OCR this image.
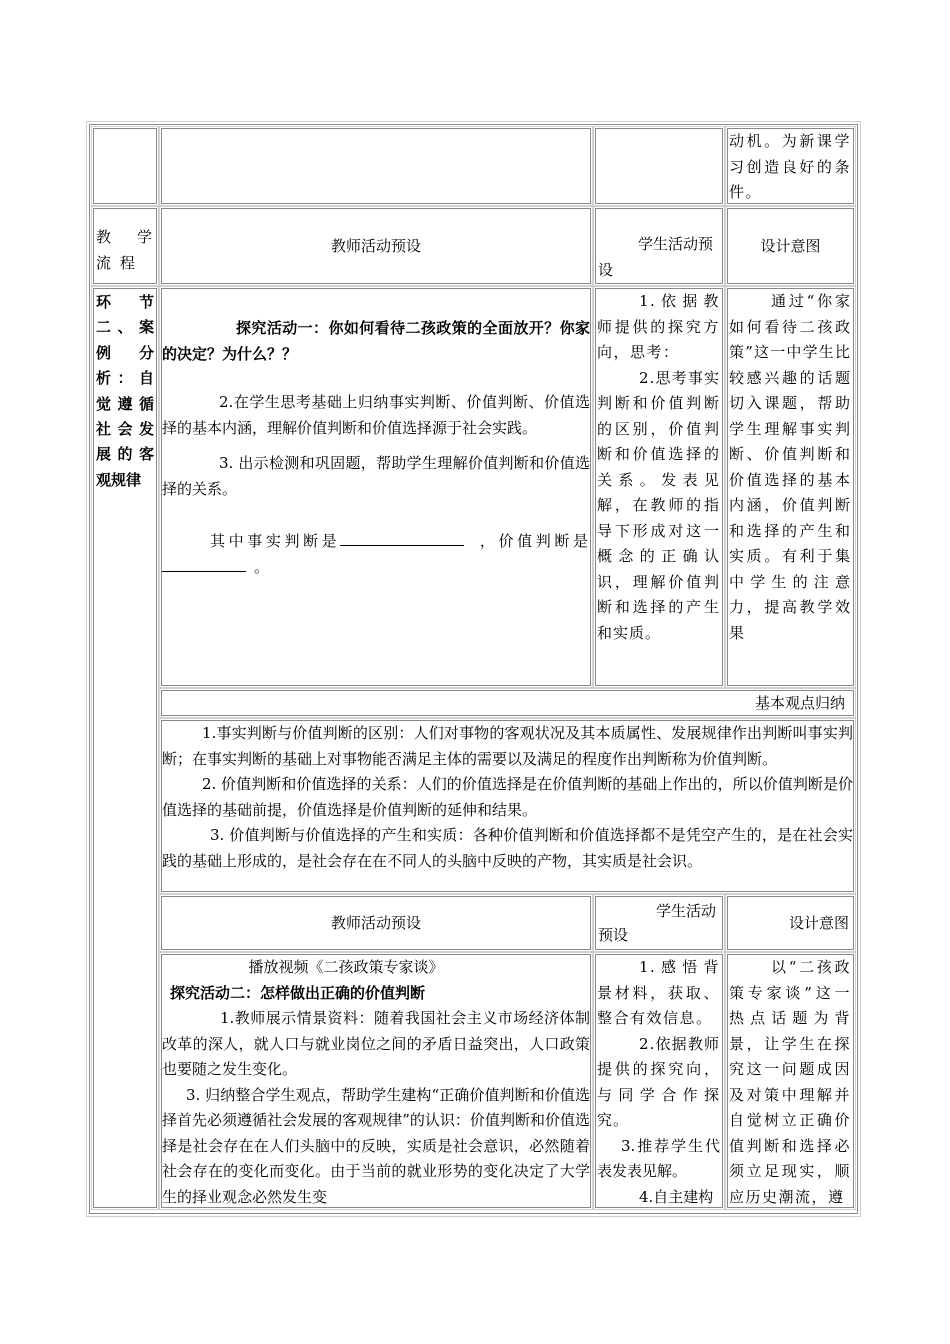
动机。为新课学习创造良好的条件。

教 学 流 程

教师活动预设	学生活动预设

设计意图

环　节二、案例分析：自觉遵循社会发展的客观规律

探究活动一：你如何看待二孩政策的全面放开？你家的决定？为什么？？

2.在学生思考基础上归纳事实判断、价值判断、价值选择的基本内涵，理解价值判断和价值选择源于社会实践。

3. 出示检测和巩固题，帮助学生理解价值判断和价值选择的关系。

其中事实判断是	，价值判断是。

1.依据教师提供的探究方向，思考：

2.思考事实判断和价值判断的区别，价值判断和价值选择的关系。发表见解，在教师的指导下形成对这一概念的正确认识，理解价值判断和选择的产生和实质。

通过“你家如何看待二孩政策”这一中学生比较感兴趣的话题切入课题，帮助学生理解事实判断、价值判断和价值选择的基本内涵，价值判断和选择的产生和实质。有利于集中学生的注意力，提高教学效果

基本观点归纳

1.事实判断与价值判断的区别：人们对事物的客观状况及其本质属性、发展规律作出判断叫事实判断；在事实判断的基础上对事物能否满足主体的需要以及满足的程度作出判断称为价值判断。

2. 价值判断和价值选择的关系：人们的价值选择是在价值判断的基础上作出的，所以价值判断是价值选择的基础前提，价值选择是价值判断的延伸和结果。

3. 价值判断与价值选择的产生和实质：各种价值判断和价值选择都不是凭空产生的，是在社会实践的基础上形成的，是社会存在在不同人的头脑中反映的产物，其实质是社会识。

教师活动预设

学生活动预设

设计意图

播放视频《二孩政策专家谈》

探究活动二：怎样做出正确的价值判断

1.教师展示情景资料：随着我国社会主义市场经济体制改革的深人，就人口与就业岗位之间的矛盾日益突出，人口政策也要随之发生变化。

3. 归纳整合学生观点，帮助学生建构“正确价值判断和价值选择首先必须遵循社会发展的客观规律”的认识：价值判断和价值选择是社会存在在人们头脑中的反映，实质是社会意识，必然随着社会存在的变化而变化。由于当前的就业形势的变化决定了大学生的择业观念必然发生变

1.感悟背景材料，获取、整合有效信息。

2.依据教师提供的探究向，与同学合作探究。

3.推荐学生代表发表见解。

4.自主建构

以“二孩政策专家谈”这一热点话题为背景，让学生在探究这一问题成因及对策中理解并自觉树立正确价值判断和选择必须立足现实，顺应历史潮流，遵
